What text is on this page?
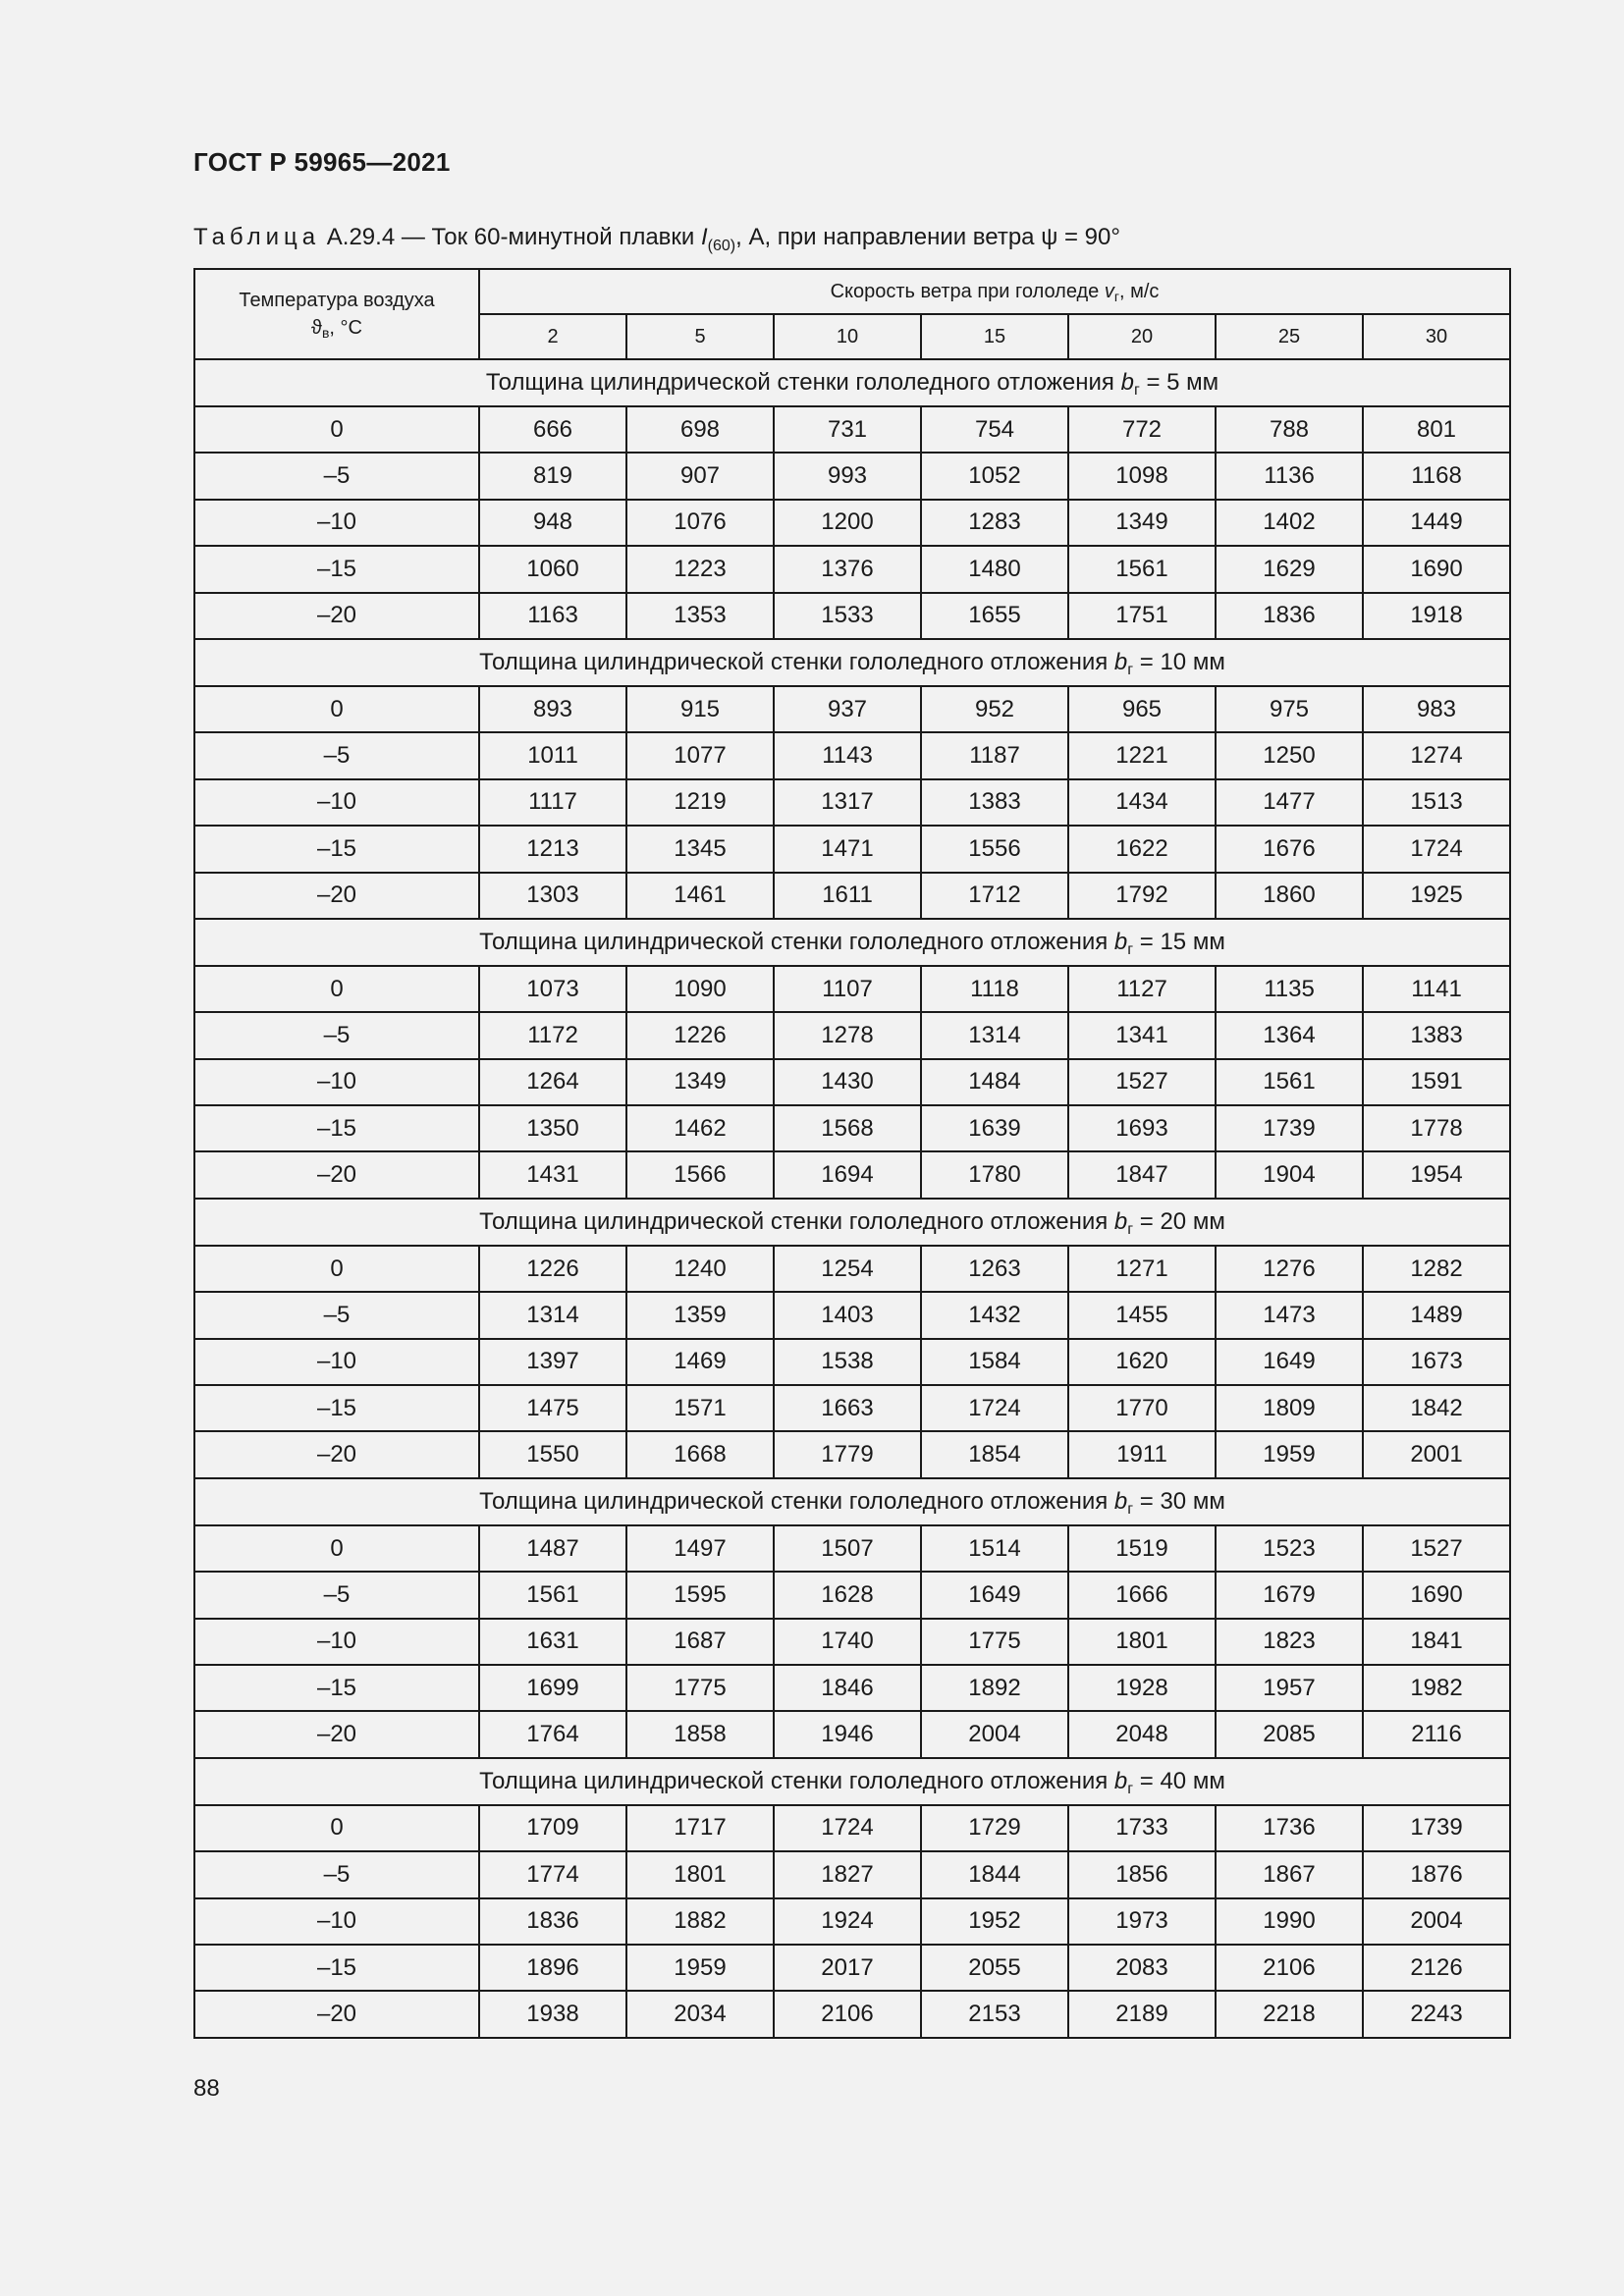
ГОСТ Р 59965—2021
Таблица А.29.4 — Ток 60-минутной плавки $I_{(60)}$, А, при направлении ветра ψ = 90°
Температура воздуха
$ϑ_в$, °C	Скорость ветра при гололеде $v_г$, м/с						
	2	5	10	15	20	25	30
Толщина цилиндрической стенки гололедного отложения $b_г = 5$ мм							
0	666	698	731	754	772	788	801
–5	819	907	993	1052	1098	1136	1168
–10	948	1076	1200	1283	1349	1402	1449
–15	1060	1223	1376	1480	1561	1629	1690
–20	1163	1353	1533	1655	1751	1836	1918
Толщина цилиндрической стенки гололедного отложения $b_г = 10$ мм							
0	893	915	937	952	965	975	983
–5	1011	1077	1143	1187	1221	1250	1274
–10	1117	1219	1317	1383	1434	1477	1513
–15	1213	1345	1471	1556	1622	1676	1724
–20	1303	1461	1611	1712	1792	1860	1925
Толщина цилиндрической стенки гололедного отложения $b_г = 15$ мм							
0	1073	1090	1107	1118	1127	1135	1141
–5	1172	1226	1278	1314	1341	1364	1383
–10	1264	1349	1430	1484	1527	1561	1591
–15	1350	1462	1568	1639	1693	1739	1778
–20	1431	1566	1694	1780	1847	1904	1954
Толщина цилиндрической стенки гололедного отложения $b_г = 20$ мм							
0	1226	1240	1254	1263	1271	1276	1282
–5	1314	1359	1403	1432	1455	1473	1489
–10	1397	1469	1538	1584	1620	1649	1673
–15	1475	1571	1663	1724	1770	1809	1842
–20	1550	1668	1779	1854	1911	1959	2001
Толщина цилиндрической стенки гололедного отложения $b_г = 30$ мм							
0	1487	1497	1507	1514	1519	1523	1527
–5	1561	1595	1628	1649	1666	1679	1690
–10	1631	1687	1740	1775	1801	1823	1841
–15	1699	1775	1846	1892	1928	1957	1982
–20	1764	1858	1946	2004	2048	2085	2116
Толщина цилиндрической стенки гололедного отложения $b_г = 40$ мм							
0	1709	1717	1724	1729	1733	1736	1739
–5	1774	1801	1827	1844	1856	1867	1876
–10	1836	1882	1924	1952	1973	1990	2004
–15	1896	1959	2017	2055	2083	2106	2126
–20	1938	2034	2106	2153	2189	2218	2243
88
